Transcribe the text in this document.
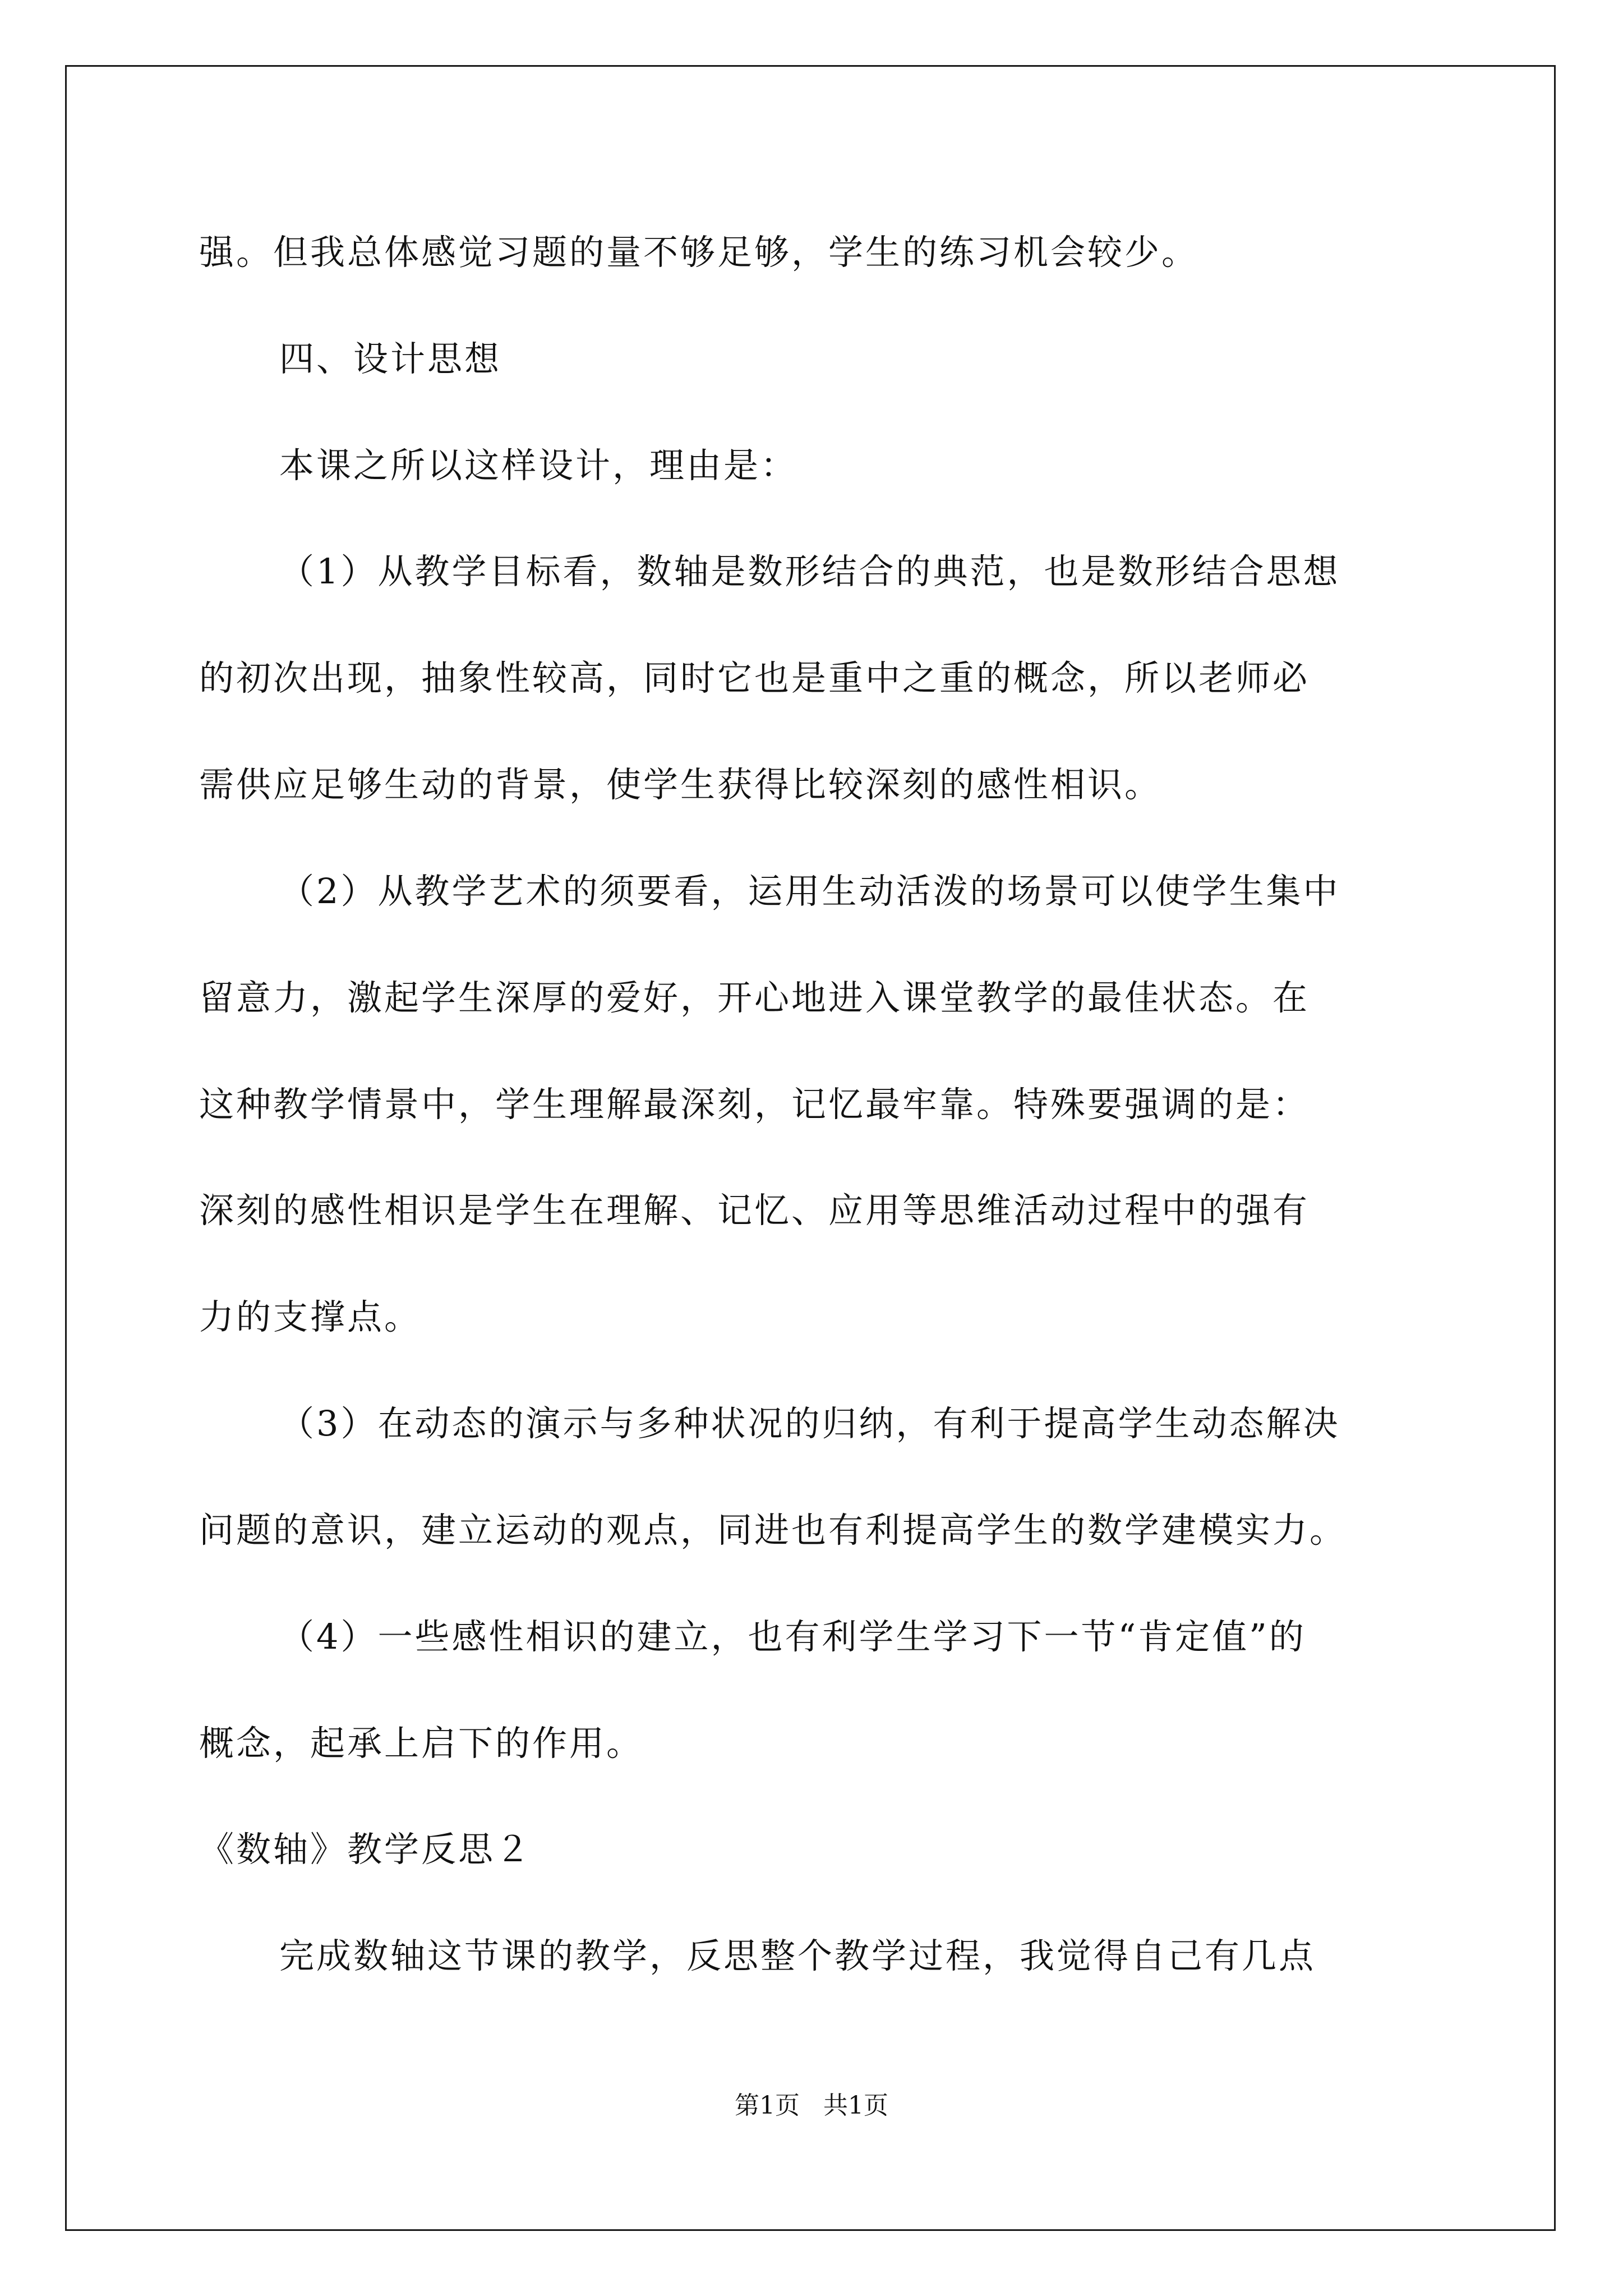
强。但我总体感觉习题的量不够足够，学生的练习机会较少。
四、设计思想
本课之所以这样设计，理由是：
（1）从教学目标看，数轴是数形结合的典范，也是数形结合思想
的初次出现，抽象性较高，同时它也是重中之重的概念，所以老师必
需供应足够生动的背景，使学生获得比较深刻的感性相识。
（2）从教学艺术的须要看，运用生动活泼的场景可以使学生集中
留意力，激起学生深厚的爱好，开心地进入课堂教学的最佳状态。在
这种教学情景中，学生理解最深刻，记忆最牢靠。特殊要强调的是：
深刻的感性相识是学生在理解、记忆、应用等思维活动过程中的强有
力的支撑点。
（3）在动态的演示与多种状况的归纳，有利于提高学生动态解决
问题的意识，建立运动的观点，同进也有利提高学生的数学建模实力。
（4）一些感性相识的建立，也有利学生学习下一节“肯定值”的
概念，起承上启下的作用。
《数轴》教学反思２
完成数轴这节课的教学，反思整个教学过程，我觉得自己有几点
第1页   共1页
